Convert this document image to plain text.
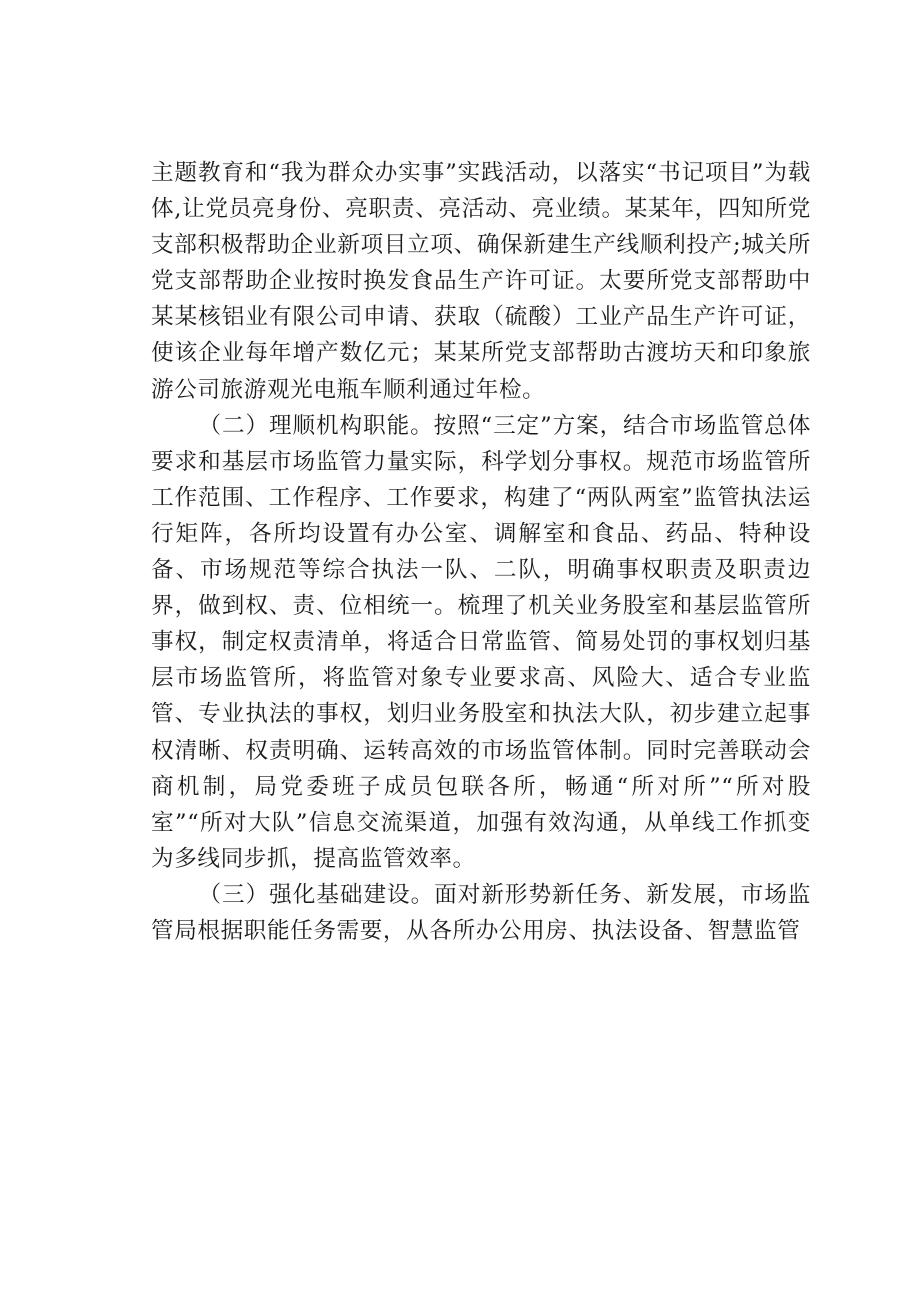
主题教育和“我为群众办实事”实践活动，以落实“书记项目”为载体,让党员亮身份、亮职责、亮活动、亮业绩。某某年，四知所党支部积极帮助企业新项目立项、确保新建生产线顺利投产;城关所党支部帮助企业按时换发食品生产许可证。太要所党支部帮助中某某核铝业有限公司申请、获取（硫酸）工业产品生产许可证，使该企业每年增产数亿元；某某所党支部帮助古渡坊天和印象旅游公司旅游观光电瓶车顺利通过年检。

（二）理顺机构职能。按照“三定”方案，结合市场监管总体要求和基层市场监管力量实际，科学划分事权。规范市场监管所工作范围、工作程序、工作要求，构建了“两队两室”监管执法运行矩阵，各所均设置有办公室、调解室和食品、药品、特种设备、市场规范等综合执法一队、二队，明确事权职责及职责边界，做到权、责、位相统一。梳理了机关业务股室和基层监管所事权，制定权责清单，将适合日常监管、简易处罚的事权划归基层市场监管所，将监管对象专业要求高、风险大、适合专业监管、专业执法的事权，划归业务股室和执法大队，初步建立起事权清晰、权责明确、运转高效的市场监管体制。同时完善联动会商机制，局党委班子成员包联各所，畅通“所对所”“所对股室”“所对大队”信息交流渠道，加强有效沟通，从单线工作抓变为多线同步抓，提高监管效率。

（三）强化基础建设。面对新形势新任务、新发展，市场监管局根据职能任务需要，从各所办公用房、执法设备、智慧监管
